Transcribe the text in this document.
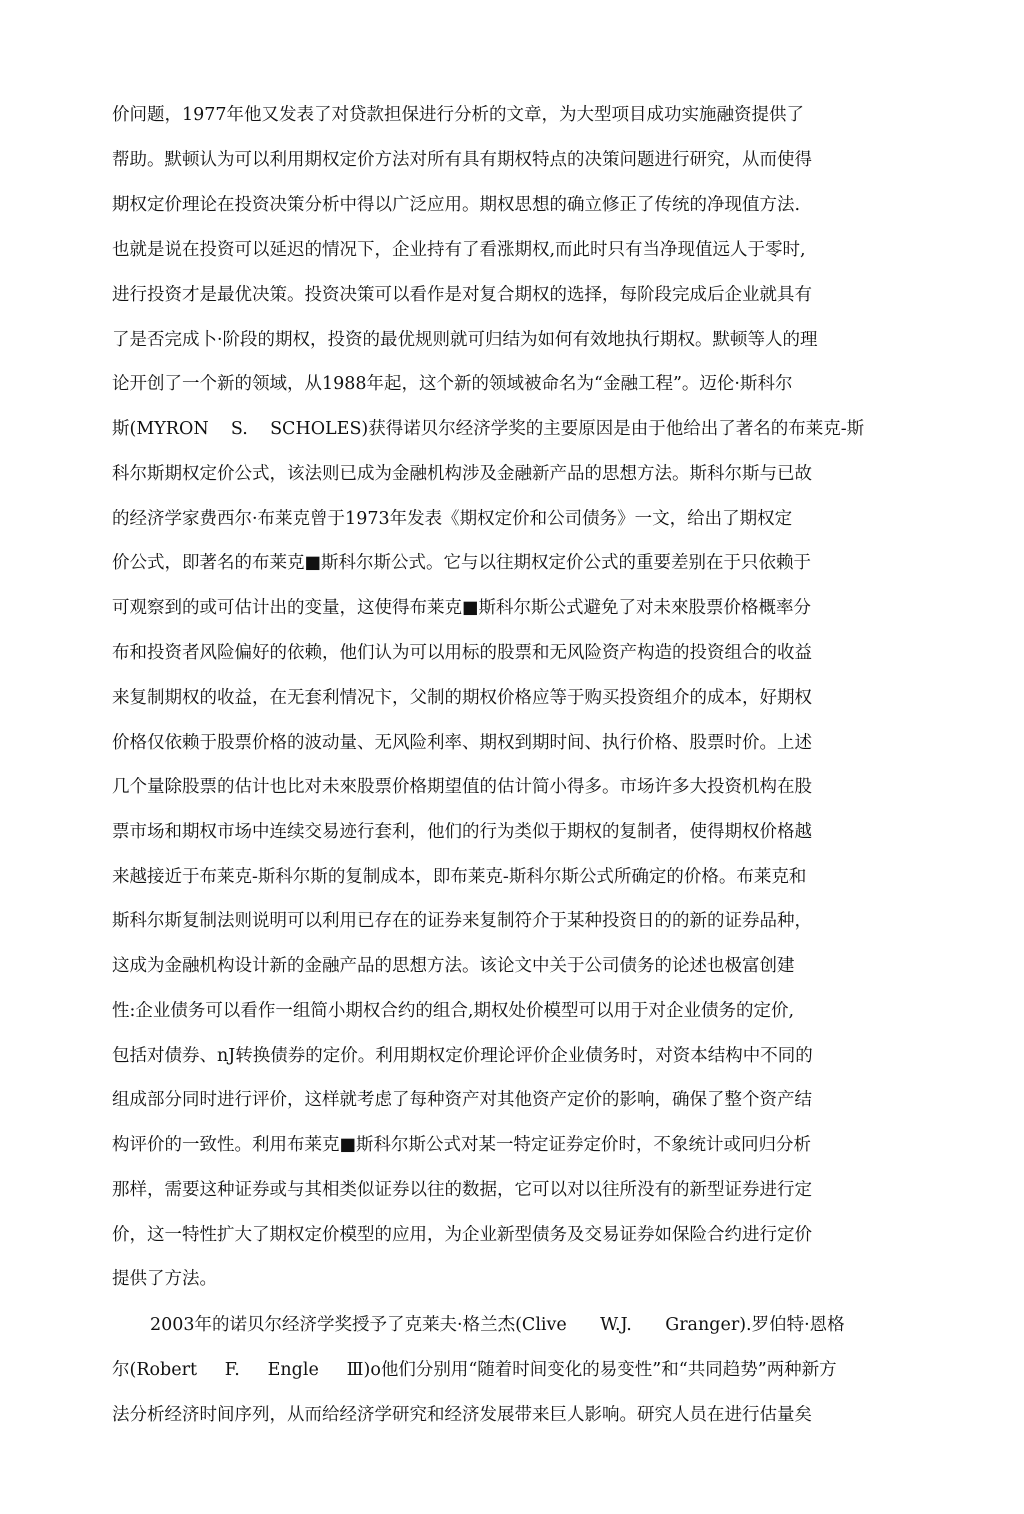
价问题，1977年他又发表了对贷款担保进行分析的文章，为大型项目成功实施融资提供了
帮助。默顿认为可以利用期权定价方法对所有具有期权特点的决策问题进行研究，从而使得
期权定价理论在投资决策分析中得以广泛应用。期权思想的确立修正了传统的净现值方法.
也就是说在投资可以延迟的情况下，企业持有了看涨期权,而此时只有当净现值远人于零时,
进行投资才是最优决策。投资决策可以看作是对复合期权的选择，每阶段完成后企业就具有
了是否完成卜·阶段的期权，投资的最优规则就可归结为如何有效地执行期权。默顿等人的理
论开创了一个新的领域，从1988年起，这个新的领域被命名为“金融工程”。迈伦·斯科尔
斯(MYRON    S.    SCHOLES)获得诺贝尔经济学奖的主要原因是由于他给出了著名的布莱克-斯
科尔斯期权定价公式，该法则已成为金融机构涉及金融新产品的思想方法。斯科尔斯与已故
的经济学家费西尔·布莱克曾于1973年发表《期权定价和公司债务》一文，给出了期权定
价公式，即著名的布莱克■斯科尔斯公式。它与以往期权定价公式的重要差别在于只依赖于
可观察到的或可估计出的变量，这使得布莱克■斯科尔斯公式避免了对未來股票价格概率分
布和投资者风险偏好的依赖，他们认为可以用标的股票和无风险资产构造的投资组合的收益
来复制期权的收益，在无套利情况卞，父制的期权价格应等于购买投资组介的成本，好期权
价格仅依赖于股票价格的波动量、无风险利率、期权到期时间、执行价格、股票时价。上述
几个量除股票的估计也比对未來股票价格期望值的估计简小得多。市场许多大投资机构在股
票市场和期权市场中连续交易迹行套利，他们的行为类似于期权的复制者，使得期权价格越
来越接近于布莱克-斯科尔斯的复制成本，即布莱克-斯科尔斯公式所确定的价格。布莱克和
斯科尔斯复制法则说明可以利用已存在的证券来复制符介于某种投资日的的新的证券品种，
这成为金融机构设计新的金融产品的思想方法。该论文中关于公司债务的论述也极富创建
性:企业债务可以看作一组简小期权合约的组合,期权处价模型可以用于对企业债务的定价,
包括对债券、nJ转换债券的定价。利用期权定价理论评价企业债务时，对资本结构中不同的
组成部分同时进行评价，这样就考虑了每种资产对其他资产定价的影响，确保了整个资产结
构评价的一致性。利用布莱克■斯科尔斯公式对某一特定证券定价时，不象统计或冋归分析
那样，需要这种证券或与其相类似证券以往的数据，它可以对以往所没有的新型证券进行定
价，这一特性扩大了期权定价模型的应用，为企业新型债务及交易证券如保险合约进行定价
提供了方法。
2003年的诺贝尔经济学奖授予了克莱夫·格兰杰(Clive      W.J.      Granger).罗伯特·恩格
尔(Robert     F.     Engle     Ⅲ)o他们分别用“随着时间变化的易变性”和“共同趋势”两种新方
法分析经济时间序列，从而给经济学研究和经济发展带来巨人影响。研究人员在进行估量矣
